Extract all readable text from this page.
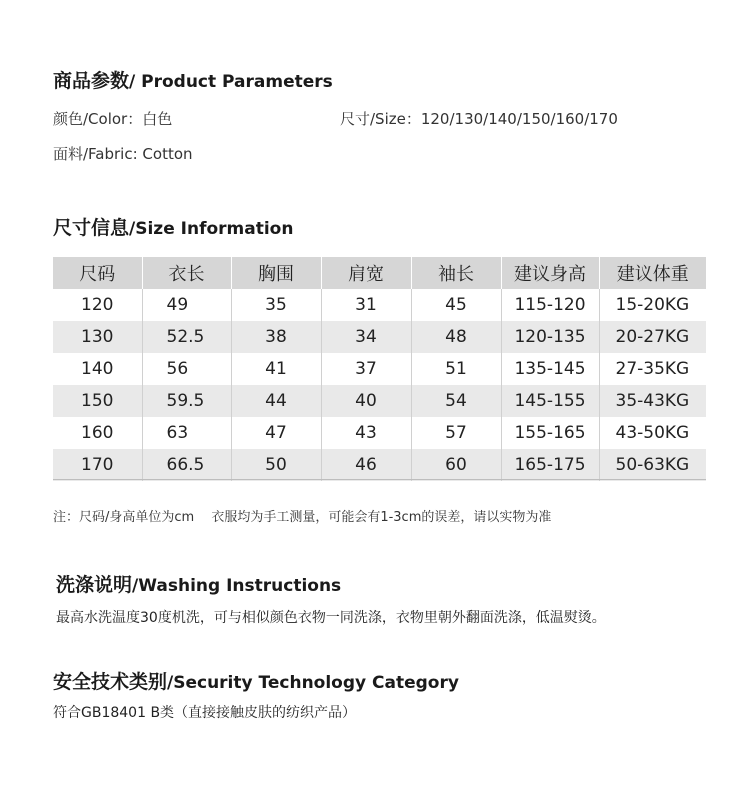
商品参数/ Product Parameters
颜色/Color：白色	尺寸/Size：120/130/140/150/160/170
面料/Fabric: Cotton
尺寸信息/Size Information
尺码	衣长	胸围	肩宽	袖长	建议身高	建议体重
120	49	35	31	45	115-120	15-20KG
130	52.5	38	34	48	120-135	20-27KG
140	56	41	37	51	135-145	27-35KG
150	59.5	44	40	54	145-155	35-43KG
160	63	47	43	57	155-165	43-50KG
170	66.5	50	46	60	165-175	50-63KG
注：尺码/身高单位为cm　 衣服均为手工测量，可能会有1-3cm的误差，请以实物为准
洗涤说明/Washing Instructions
最高水洗温度30度机洗，可与相似颜色衣物一同洗涤，衣物里朝外翻面洗涤，低温熨烫。
安全技术类别/Security Technology Category
符合GB18401 B类（直接接触皮肤的纺织产品）
